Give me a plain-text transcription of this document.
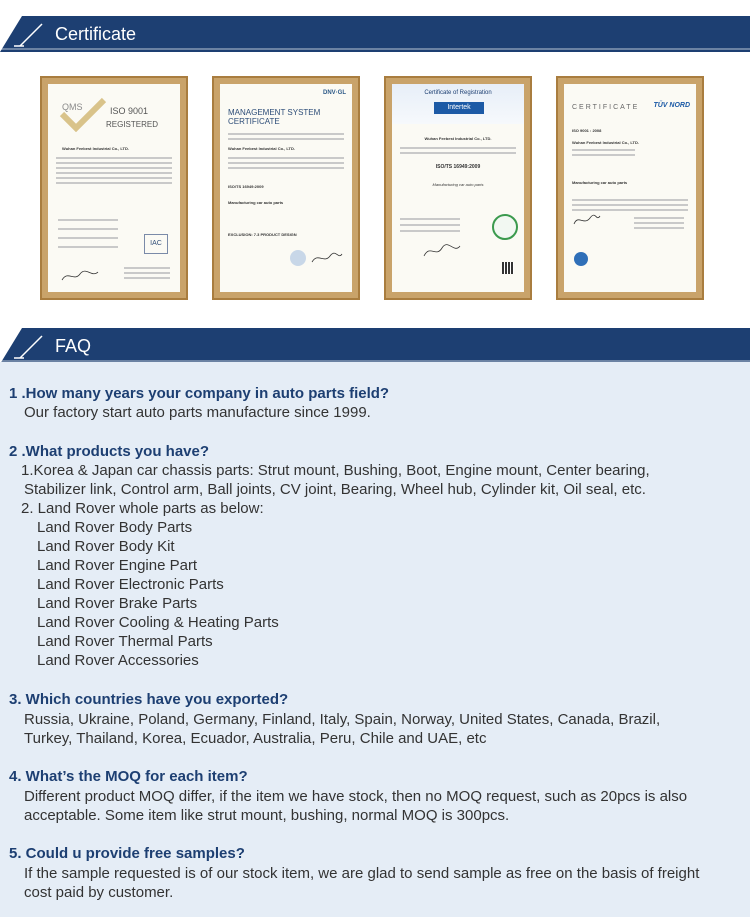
Certificate
QMS	ISO 9001
REGISTERED
Wuhan Feebest Industrial Co., LTD.
IAC
DNV·GL
MANAGEMENT SYSTEM
CERTIFICATE
Wuhan Feebest Industrial Co., LTD.
ISO/TS 16949:2009
Manufacturing car auto parts
EXCLUSION: 7.3 PRODUCT DESIGN
Certificate of Registration
Intertek
Wuhan Feebest Industrial Co., LTD.
ISO/TS 16949:2009
Manufacturing car auto parts
CERTIFICATE TÜV NORD
ISO 9001 : 2008
Wuhan Feebest Industrial Co., LTD.
Manufacturing car auto parts
FAQ
1 .How many years your company in auto parts field?
Our factory start auto parts manufacture since 1999.
2 .What products you have?
1.Korea & Japan car chassis parts: Strut mount, Bushing, Boot, Engine mount, Center bearing,
Stabilizer link, Control arm, Ball joints, CV joint, Bearing, Wheel hub, Cylinder kit, Oil seal, etc.
2. Land Rover whole parts as below:
Land Rover Body Parts
Land Rover Body Kit
Land Rover Engine Part
Land Rover Electronic Parts
Land Rover Brake Parts
Land Rover Cooling & Heating Parts
Land Rover Thermal Parts
Land Rover Accessories
3. Which countries have you exported?
Russia, Ukraine, Poland, Germany, Finland, Italy, Spain, Norway, United States, Canada, Brazil,
Turkey, Thailand, Korea, Ecuador, Australia, Peru, Chile and UAE, etc
4. What’s the MOQ for each item?
Different product MOQ differ, if the item we have stock, then no MOQ request, such as 20pcs is also
acceptable. Some item like strut mount, bushing, normal MOQ is 300pcs.
5. Could u provide free samples?
If the sample requested is of our stock item, we are glad to send sample as free on the basis of freight
cost paid by customer.
